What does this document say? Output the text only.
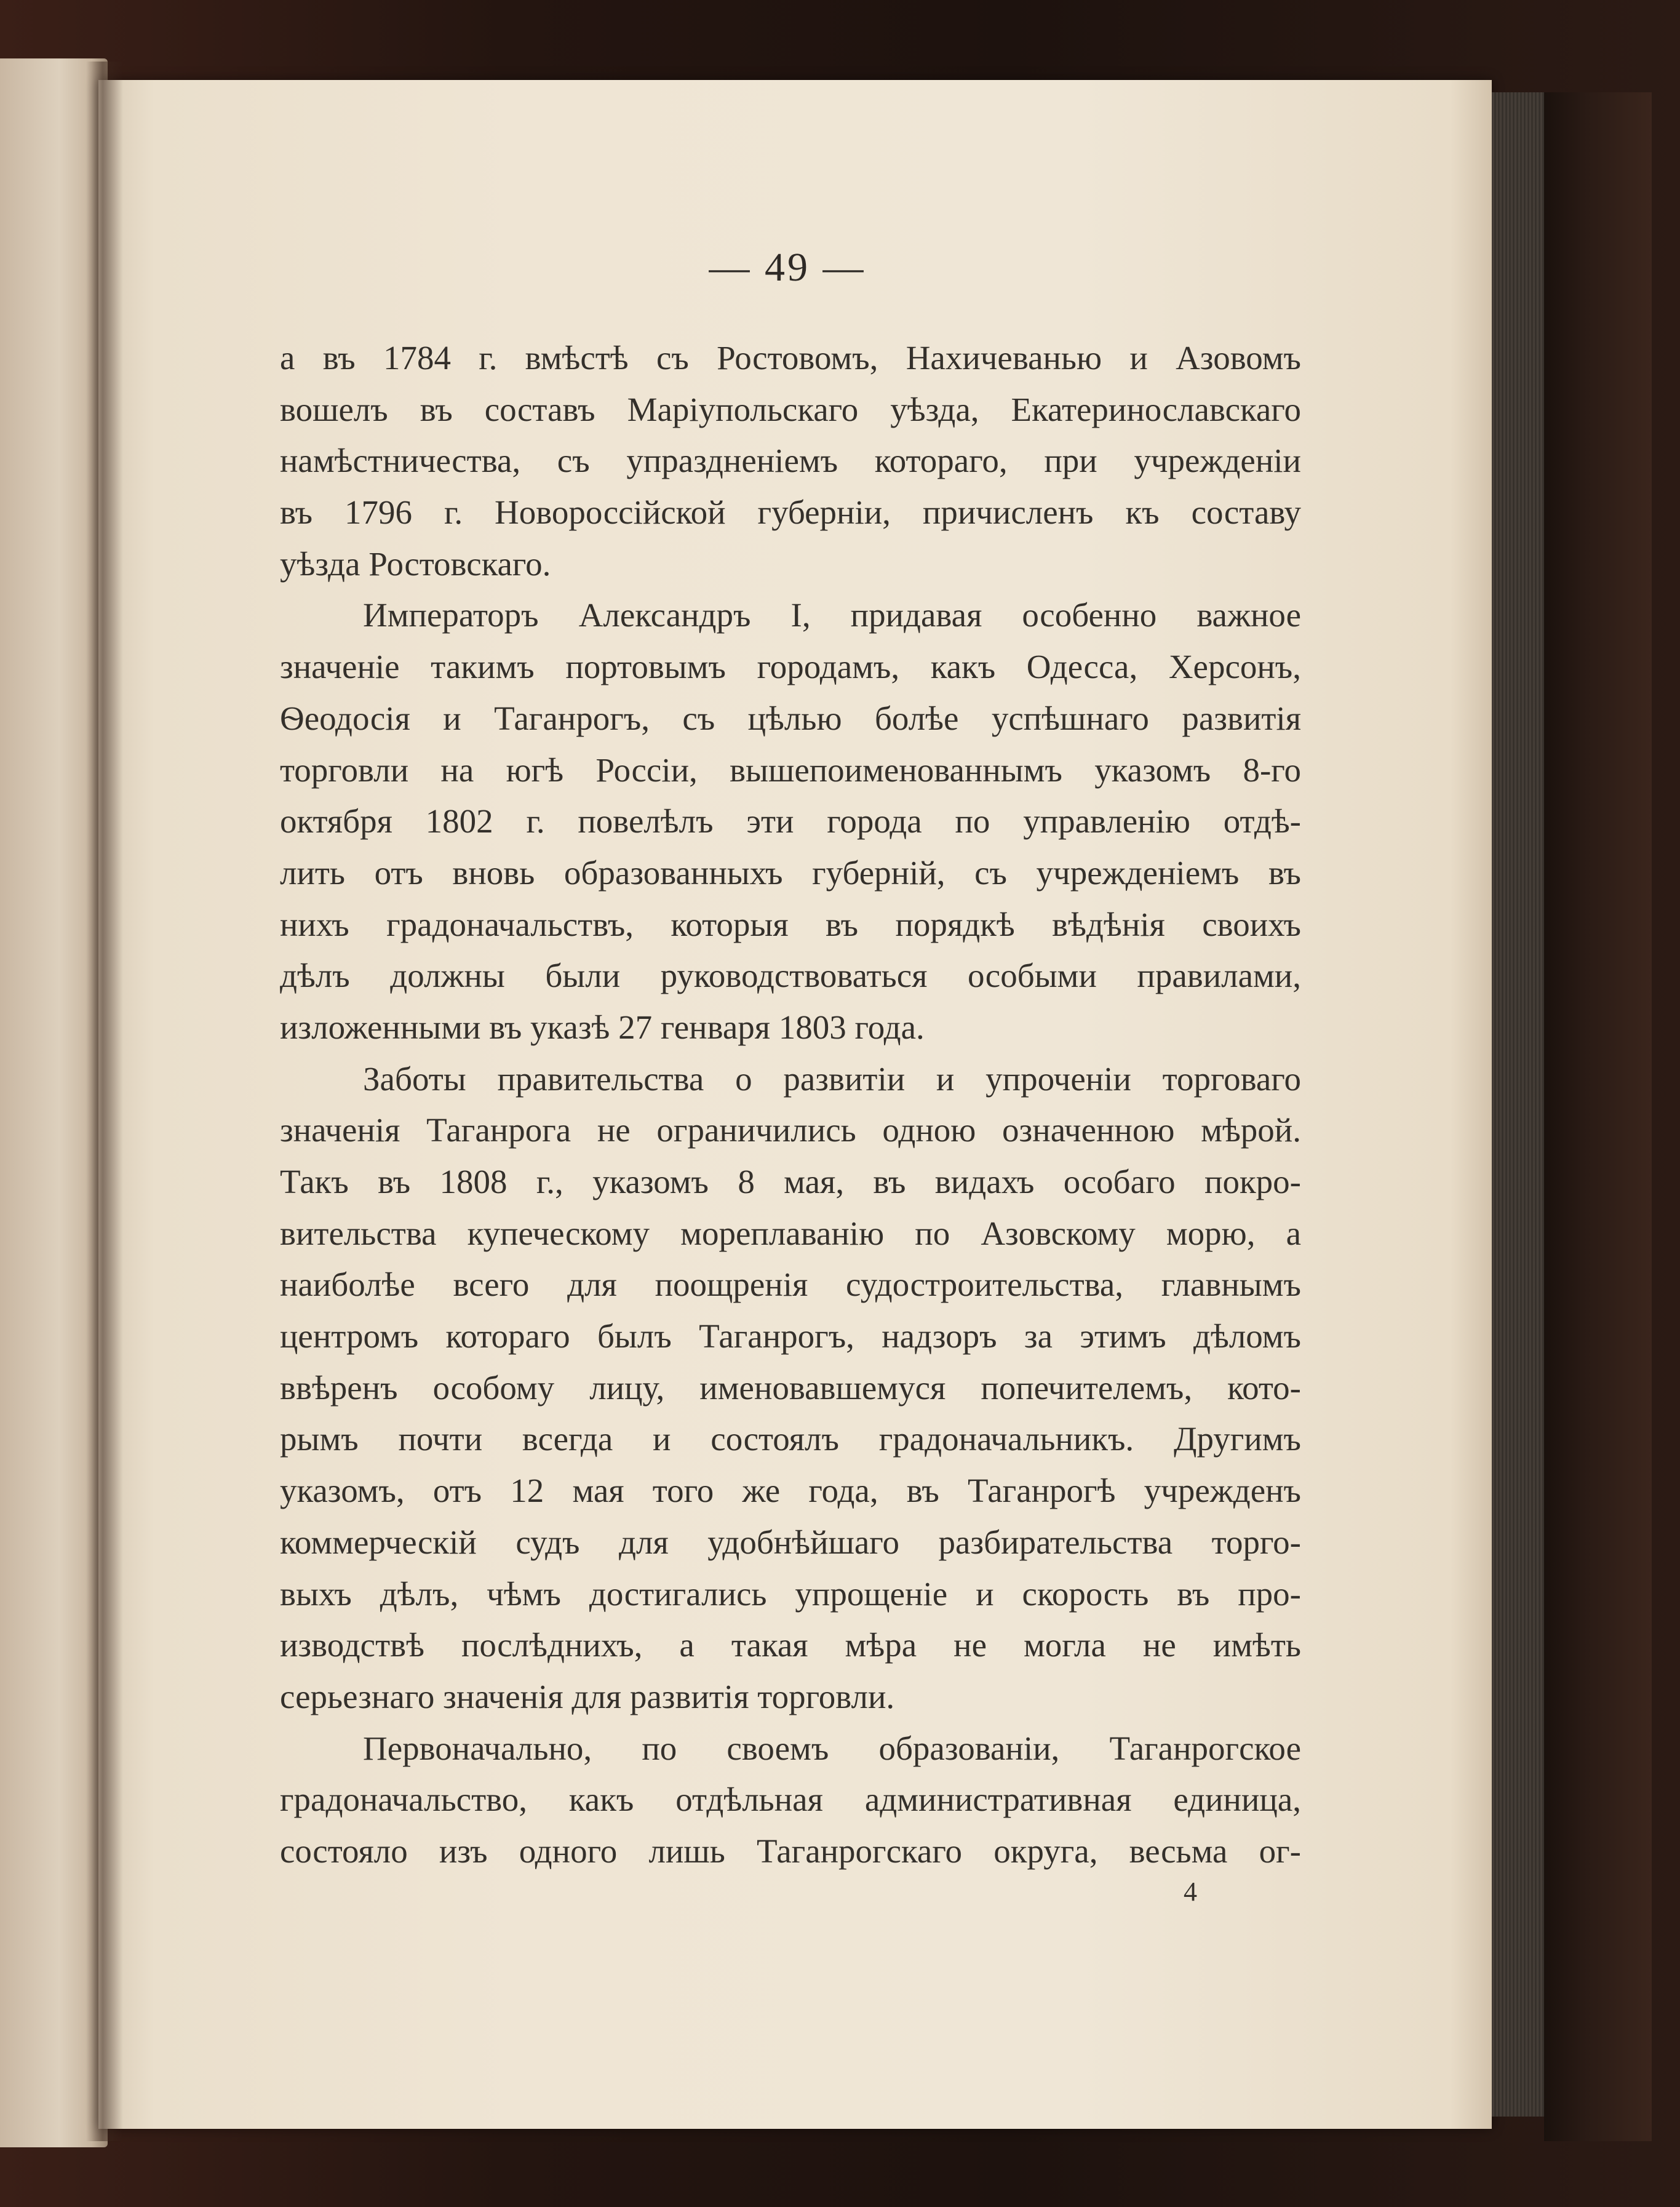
— 49 —
а въ 1784 г. вмѣстѣ съ Ростовомъ, Нахичеванью и Азовомъ
вошелъ въ составъ Маріупольскаго уѣзда, Екатеринославскаго
намѣстничества, съ упраздненіемъ котораго, при учрежденіи
въ 1796 г. Новороссійской губерніи, причисленъ къ составу
уѣзда Ростовскаго.
Императоръ Александръ I, придавая особенно важное
значеніе такимъ портовымъ городамъ, какъ Одесса, Херсонъ,
Ѳеодосія и Таганрогъ, съ цѣлью болѣе успѣшнаго развитія
торговли на югѣ Россіи, вышепоименованнымъ указомъ 8-го
октября 1802 г. повелѣлъ эти города по управленію отдѣ-
лить отъ вновь образованныхъ губерній, съ учрежденіемъ въ
нихъ градоначальствъ, которыя въ порядкѣ вѣдѣнія своихъ
дѣлъ должны были руководствоваться особыми правилами,
изложенными въ указѣ 27 генваря 1803 года.
Заботы правительства о развитіи и упроченіи торговаго
значенія Таганрога не ограничились одною означенною мѣрой.
Такъ въ 1808 г., указомъ 8 мая, въ видахъ особаго покро-
вительства купеческому мореплаванію по Азовскому морю, а
наиболѣе всего для поощренія судостроительства, главнымъ
центромъ котораго былъ Таганрогъ, надзоръ за этимъ дѣломъ
ввѣренъ особому лицу, именовавшемуся попечителемъ, кото-
рымъ почти всегда и состоялъ градоначальникъ. Другимъ
указомъ, отъ 12 мая того же года, въ Таганрогѣ учрежденъ
коммерческій судъ для удобнѣйшаго разбирательства торго-
выхъ дѣлъ, чѣмъ достигались упрощеніе и скорость въ про-
изводствѣ послѣднихъ, а такая мѣра не могла не имѣть
серьезнаго значенія для развитія торговли.
Первоначально, по своемъ образованіи, Таганрогское
градоначальство, какъ отдѣльная административная единица,
состояло изъ одного лишь Таганрогскаго округа, весьма ог-
4
